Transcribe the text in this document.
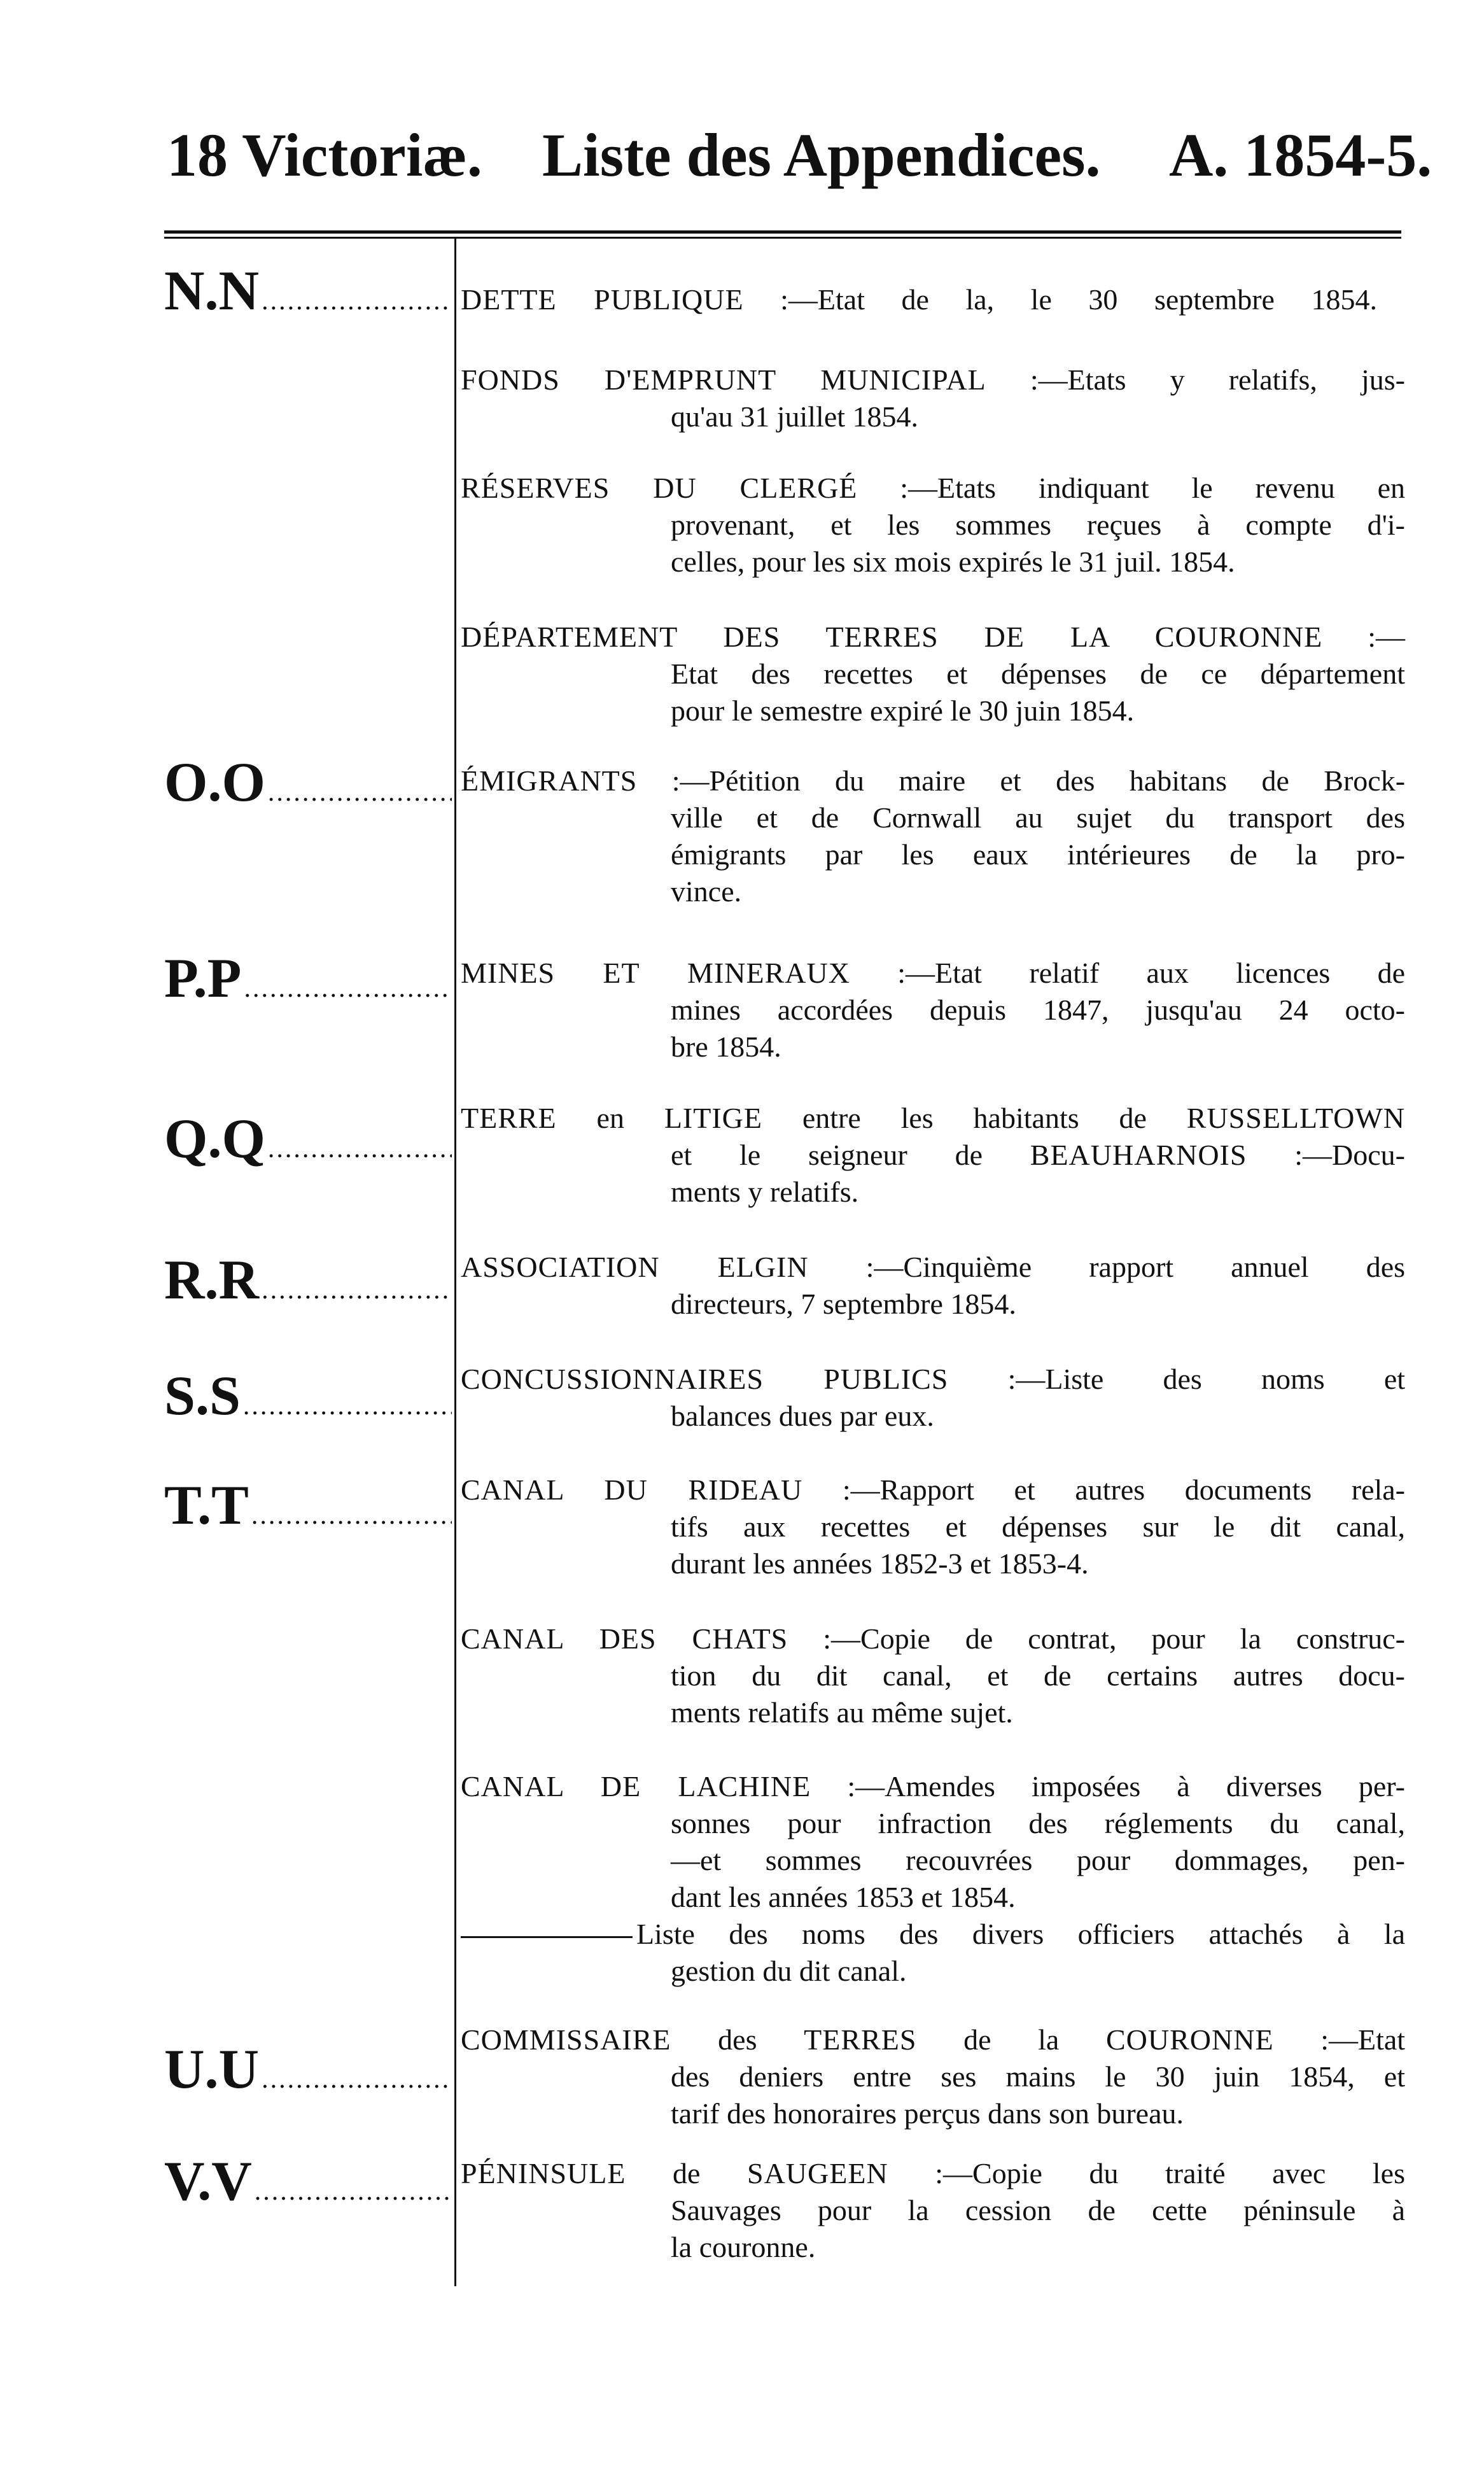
18 Victoriæ. Liste des Appendices. A. 1854-5.
N.N
.....
O.O
.....
P.P
.....
Q.Q
.....
R.R
.....
S.S
.....
T.T
.....
U.U
.....
V.V
.....
DETTE PUBLIQUE :—Etat de la, le 30 septembre 1854.
FONDS D'EMPRUNT MUNICIPAL :—Etats y relatifs, jus-
qu'au 31 juillet 1854.
RÉSERVES DU CLERGÉ :—Etats indiquant le revenu en
provenant, et les sommes reçues à compte d'i-
celles, pour les six mois expirés le 31 juil. 1854.
DÉPARTEMENT DES TERRES DE LA COURONNE :—
Etat des recettes et dépenses de ce département
pour le semestre expiré le 30 juin 1854.
ÉMIGRANTS :—Pétition du maire et des habitans de Brock-
ville et de Cornwall au sujet du transport des
émigrants par les eaux intérieures de la pro-
vince.
MINES ET MINERAUX :—Etat relatif aux licences de
mines accordées depuis 1847, jusqu'au 24 octo-
bre 1854.
TERRE en LITIGE entre les habitants de RUSSELLTOWN
et le seigneur de BEAUHARNOIS :—Docu-
ments y relatifs.
ASSOCIATION ELGIN :—Cinquième rapport annuel des
directeurs, 7 septembre 1854.
CONCUSSIONNAIRES PUBLICS :—Liste des noms et
balances dues par eux.
CANAL DU RIDEAU :—Rapport et autres documents rela-
tifs aux recettes et dépenses sur le dit canal,
durant les années 1852-3 et 1853-4.
CANAL DES CHATS :—Copie de contrat, pour la construc-
tion du dit canal, et de certains autres docu-
ments relatifs au même sujet.
CANAL DE LACHINE :—Amendes imposées à diverses per-
sonnes pour infraction des réglements du canal,
—et sommes recouvrées pour dommages, pen-
dant les années 1853 et 1854.
Liste des noms des divers officiers attachés à la
gestion du dit canal.
COMMISSAIRE des TERRES de la COURONNE :—Etat
des deniers entre ses mains le 30 juin 1854, et
tarif des honoraires perçus dans son bureau.
PÉNINSULE de SAUGEEN :—Copie du traité avec les
Sauvages pour la cession de cette péninsule à
la couronne.
